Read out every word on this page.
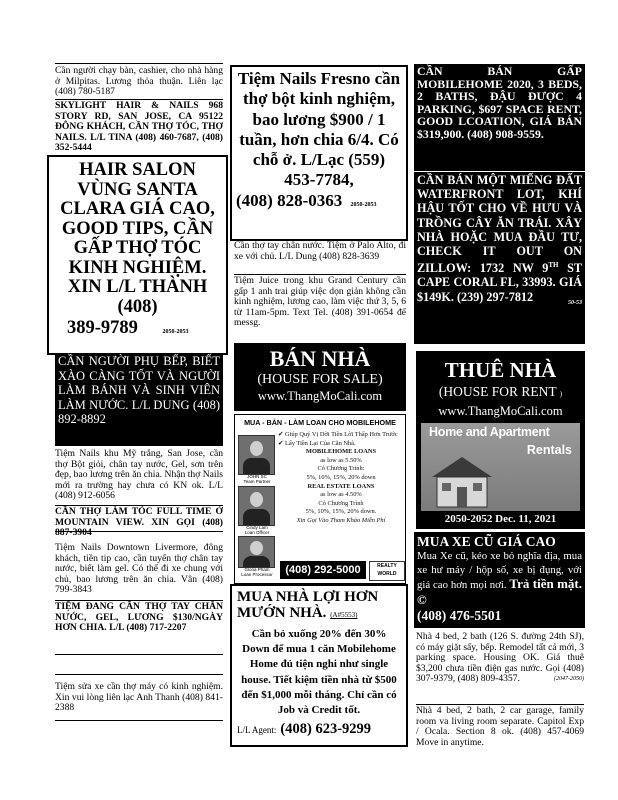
Cần người chạy bàn, cashier, cho nhà hàng ở Milpitas. Lương thỏa thuận. Liên lạc (408) 780-5187
SKYLIGHT HAIR & NAILS 968 STORY RD, SAN JOSE, CA 95122 ĐÔNG KHÁCH, CẦN THỢ TÓC, THỢ NAILS. L/L TINA (408) 460-7687, (408) 352-5444
HAIR SALON VÙNG SANTA CLARA GIÁ CAO, GOOD TIPS, CẦN GẤP THỢ TÓC KINH NGHIỆM. XIN L/L THÀNH (408)
389-9789	2050-2053
CẦN NGƯỜI PHỤ BẾP, BIẾT XÀO CÀNG TỐT VÀ NGƯỜI LÀM BÁNH VÀ SINH VIÊN LÀM NƯỚC. L/L DUNG (408) 892-8892
Tiệm Nails khu Mỹ trắng, San Jose, cần thợ Bột giỏi, chân tay nước, Gel, sơn trên đẹp, bao lương trên ăn chia. Nhận thợ Nails mới ra trường hay chưa có KN ok. L/L (408) 912-6056
CẦN THỢ LÀM TÓC FULL TIME Ở MOUNTAIN VIEW. XIN GỌI (408) 887-3904
Tiệm Nails Downtown Livermore, đông khách, tiền tip cao, cần tuyển thợ chân tay nước, biết làm gel. Có thể đi xe chung với chủ, bao lương trên ăn chia. Vân (408) 799-3843
TIỆM ĐANG CẦN THỢ TAY CHÂN NƯỚC, GEL, LƯƠNG $130/NGÀY HƠN CHIA. L/L (408) 717-2207
Tiệm sửa xe cần thợ máy có kinh nghiệm. Xin vui lòng liên lạc Anh Thanh (408) 841-2388
Tiệm Nails Fresno cần thợ bột kinh nghiệm, bao lương $900 / 1 tuần, hơn chia 6/4. Có chỗ ở. L/Lạc (559) 453-7784,
(408) 828-0363 2050-2053
Cần thợ tay chân nước. Tiệm ở Palo Alto, đi xe với chủ. L/L Dung (408) 828-3639
Tiệm Juice trong khu Grand Century cần gấp 1 anh trai giúp việc dọn giản không cần kinh nghiệm, lương cao, làm việc thứ 3, 5, 6 từ 11am-5pm. Text Tel. (408) 391-0654 để messg.
BÁN NHÀ
(HOUSE FOR SALE)
www.ThangMoCali.com
MUA - BÁN - LÀM LOAN CHO MOBILEHOME
JOHN SC
Team Partner
Cindy Lam
Loan Officer
Gloria Pham
Loan Processor
✔ Giúp Quý Vị Dời Tiền Lời Thấp Hơn Trước
✔ Lấy Tiền Lại Của Căn Nhà.
MOBILEHOME LOANS
as low as 5.50%
Có Chương Trình:
5%, 10%, 15%, 20% down
REAL ESTATE LOANS
as low as 4.50%
Có Chương Trình
5%, 10%, 15%, 20% down.
Xin Gọi Vào Tham Khảo Miễn Phí
(408) 292-5000	REALTY WORLD
MUA NHÀ LỢI HƠN MƯỚN NHÀ. (A#5553)
Cần bỏ xuống 20% đến 30% Down để mua 1 căn Mobilehome Home đủ tiện nghi như single house. Tiết kiệm tiền nhà từ $500 đến $1,000 mỗi tháng. Chỉ cần có Job và Credit tốt.
L/L Agent: (408) 623-9299
CẦN BÁN GẤP MOBILEHOME 2020, 3 BEDS, 2 BATHS, ĐẬU ĐƯỢC 4 PARKING, $697 SPACE RENT, GOOD LCOATION, GIÁ BÁN $319,900. (408) 908-9559.
CẦN BÁN MỘT MIẾNG ĐẤT WATERFRONT LOT, KHÍ HẬU TỐT CHO VỀ HƯU VÀ TRỒNG CÂY ĂN TRÁI. XÂY NHÀ HOẶC MUA ĐẦU TƯ, CHECK IT OUT ON ZILLOW: 1732 NW 9TH ST CAPE CORAL FL, 33993. GIÁ $149K. (239) 297-7812	50-53
THUÊ NHÀ
(HOUSE FOR RENT )
www.ThangMoCali.com
Home and Apartment
Rentals
2050-2052 Dec. 11, 2021
MUA XE CŨ GIÁ CAO
Mua Xe cũ, kéo xe bỏ nghĩa địa, mua xe hư máy / hộp số, xe bị đụng, với giá cao hơn mọi nơi. Trả tiền mặt. ©
(408) 476-5501
Nhà 4 bed, 2 bath (126 S. đường 24th SJ), có máy giặt sấy, bếp. Remodel tất cả mới, 3 parking space. Housing OK. Giá thuê $3,200 chưa tiền điện gas nước. Gọi (408) 307-9379, (408) 809-4357.	(2047-2050)
Nhà 4 bed, 2 bath, 2 car garage, family room va living room separate. Capitol Exp / Ocala. Section 8 ok. (408) 457-4069 Move in anytime.
